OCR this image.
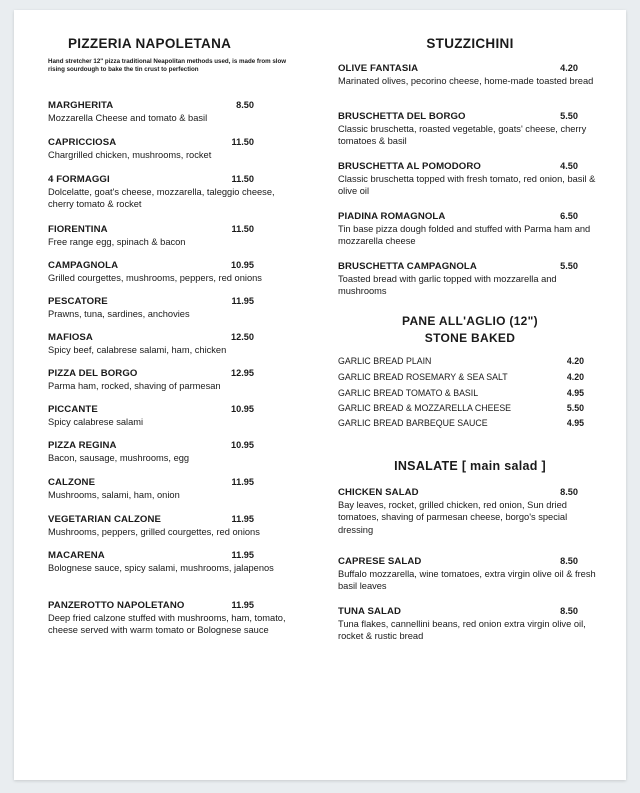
PIZZERIA NAPOLETANA
Hand stretcher 12" pizza traditional Neapolitan methods used, is made from slow rising sourdough to bake the tin crust to perfection
MARGHERITA	8.50
Mozzarella Cheese and tomato & basil
CAPRICCIOSA	11.50
Chargrilled chicken, mushrooms, rocket
4 FORMAGGI	11.50
Dolcelatte, goat's cheese, mozzarella, taleggio cheese, cherry tomato & rocket
FIORENTINA	11.50
Free range egg, spinach & bacon
CAMPAGNOLA	10.95
Grilled courgettes, mushrooms, peppers, red onions
PESCATORE	11.95
Prawns, tuna, sardines, anchovies
MAFIOSA	12.50
Spicy beef, calabrese salami, ham, chicken
PIZZA DEL BORGO	12.95
Parma ham, rocked, shaving of parmesan
PICCANTE	10.95
Spicy calabrese salami
PIZZA REGINA	10.95
Bacon, sausage, mushrooms, egg
CALZONE	11.95
Mushrooms, salami, ham, onion
VEGETARIAN CALZONE	11.95
Mushrooms, peppers, grilled courgettes, red onions
MACARENA	11.95
Bolognese sauce, spicy salami, mushrooms, jalapenos
PANZEROTTO NAPOLETANO	11.95
Deep fried calzone stuffed with mushrooms, ham, tomato, cheese served with warm tomato or Bolognese sauce
STUZZICHINI
OLIVE FANTASIA	4.20
Marinated olives, pecorino cheese, home-made toasted bread
BRUSCHETTA DEL BORGO	5.50
Classic bruschetta, roasted vegetable, goats' cheese, cherry tomatoes & basil
BRUSCHETTA AL POMODORO	4.50
Classic bruschetta topped with fresh tomato, red onion, basil & olive oil
PIADINA ROMAGNOLA	6.50
Tin base pizza dough folded and stuffed with Parma ham and mozzarella cheese
BRUSCHETTA CAMPAGNOLA	5.50
Toasted bread with garlic topped with mozzarella and mushrooms
PANE ALL'AGLIO (12")
STONE BAKED
GARLIC BREAD PLAIN	4.20
GARLIC BREAD ROSEMARY & SEA SALT	4.20
GARLIC BREAD TOMATO & BASIL	4.95
GARLIC BREAD & MOZZARELLA CHEESE	5.50
GARLIC BREAD BARBEQUE SAUCE	4.95
INSALATE [ main salad ]
CHICKEN SALAD	8.50
Bay leaves, rocket, grilled chicken, red onion, Sun dried tomatoes, shaving of parmesan cheese, borgo's special dressing
CAPRESE SALAD	8.50
Buffalo mozzarella, wine tomatoes, extra virgin olive oil & fresh basil leaves
TUNA SALAD	8.50
Tuna flakes, cannellini beans, red onion extra virgin olive oil, rocket & rustic bread
